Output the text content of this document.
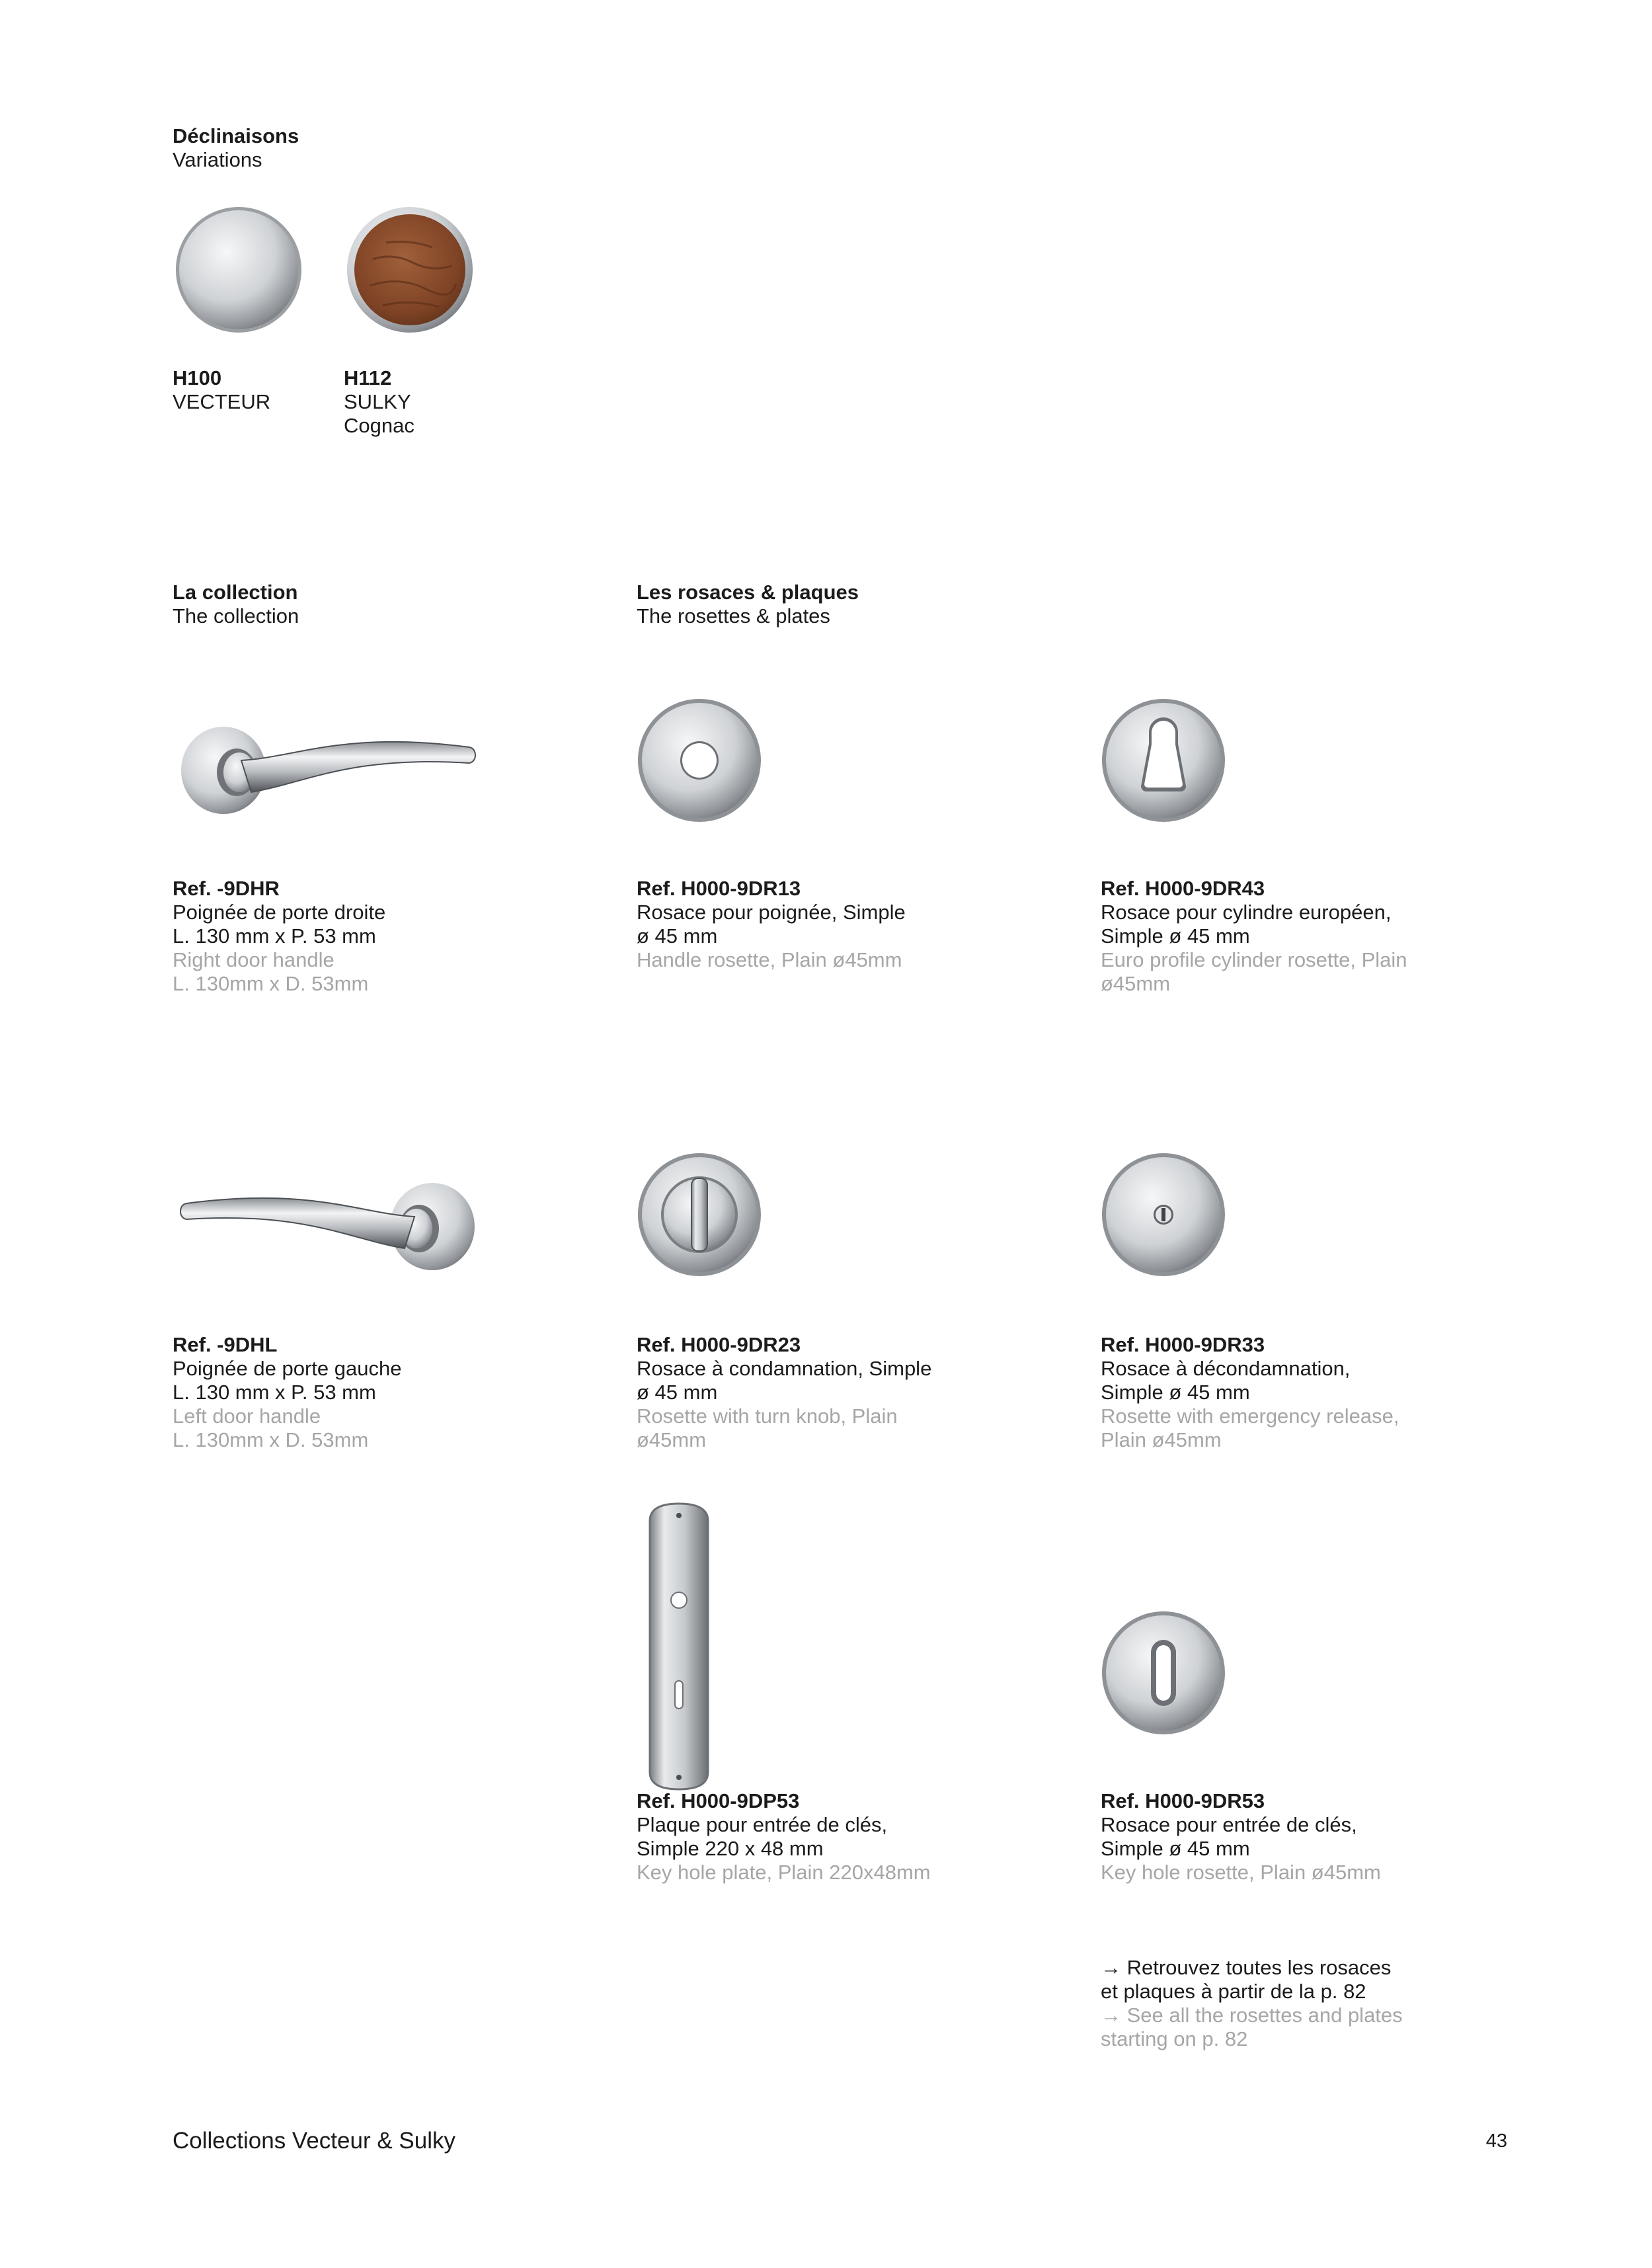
Déclinaisons
Variations
H100
VECTEUR
H112
SULKY
Cognac
La collection
The collection
Les rosaces & plaques
The rosettes & plates
Ref. -9DHR
Poignée de porte droite
L. 130 mm x P. 53 mm
Right door handle
L. 130mm x D. 53mm
Ref. H000-9DR13
Rosace pour poignée, Simple
ø 45 mm
Handle rosette, Plain ø45mm
Ref. H000-9DR43
Rosace pour cylindre européen,
Simple ø 45 mm
Euro profile cylinder rosette, Plain
ø45mm
Ref. -9DHL
Poignée de porte gauche
L. 130 mm x P. 53 mm
Left door handle
L. 130mm x D. 53mm
Ref. H000-9DR23
Rosace à condamnation, Simple
ø 45 mm
Rosette with turn knob, Plain
ø45mm
Ref. H000-9DR33
Rosace à décondamnation,
Simple ø 45 mm
Rosette with emergency release,
Plain ø45mm
Ref. H000-9DP53
Plaque pour entrée de clés,
Simple 220 x 48 mm
Key hole plate, Plain 220x48mm
Ref. H000-9DR53
Rosace pour entrée de clés,
Simple ø 45 mm
Key hole rosette, Plain ø45mm
→ Retrouvez toutes les rosaces
et plaques à partir de la p. 82
→ See all the rosettes and plates
starting on p. 82
Collections Vecteur & Sulky	43
